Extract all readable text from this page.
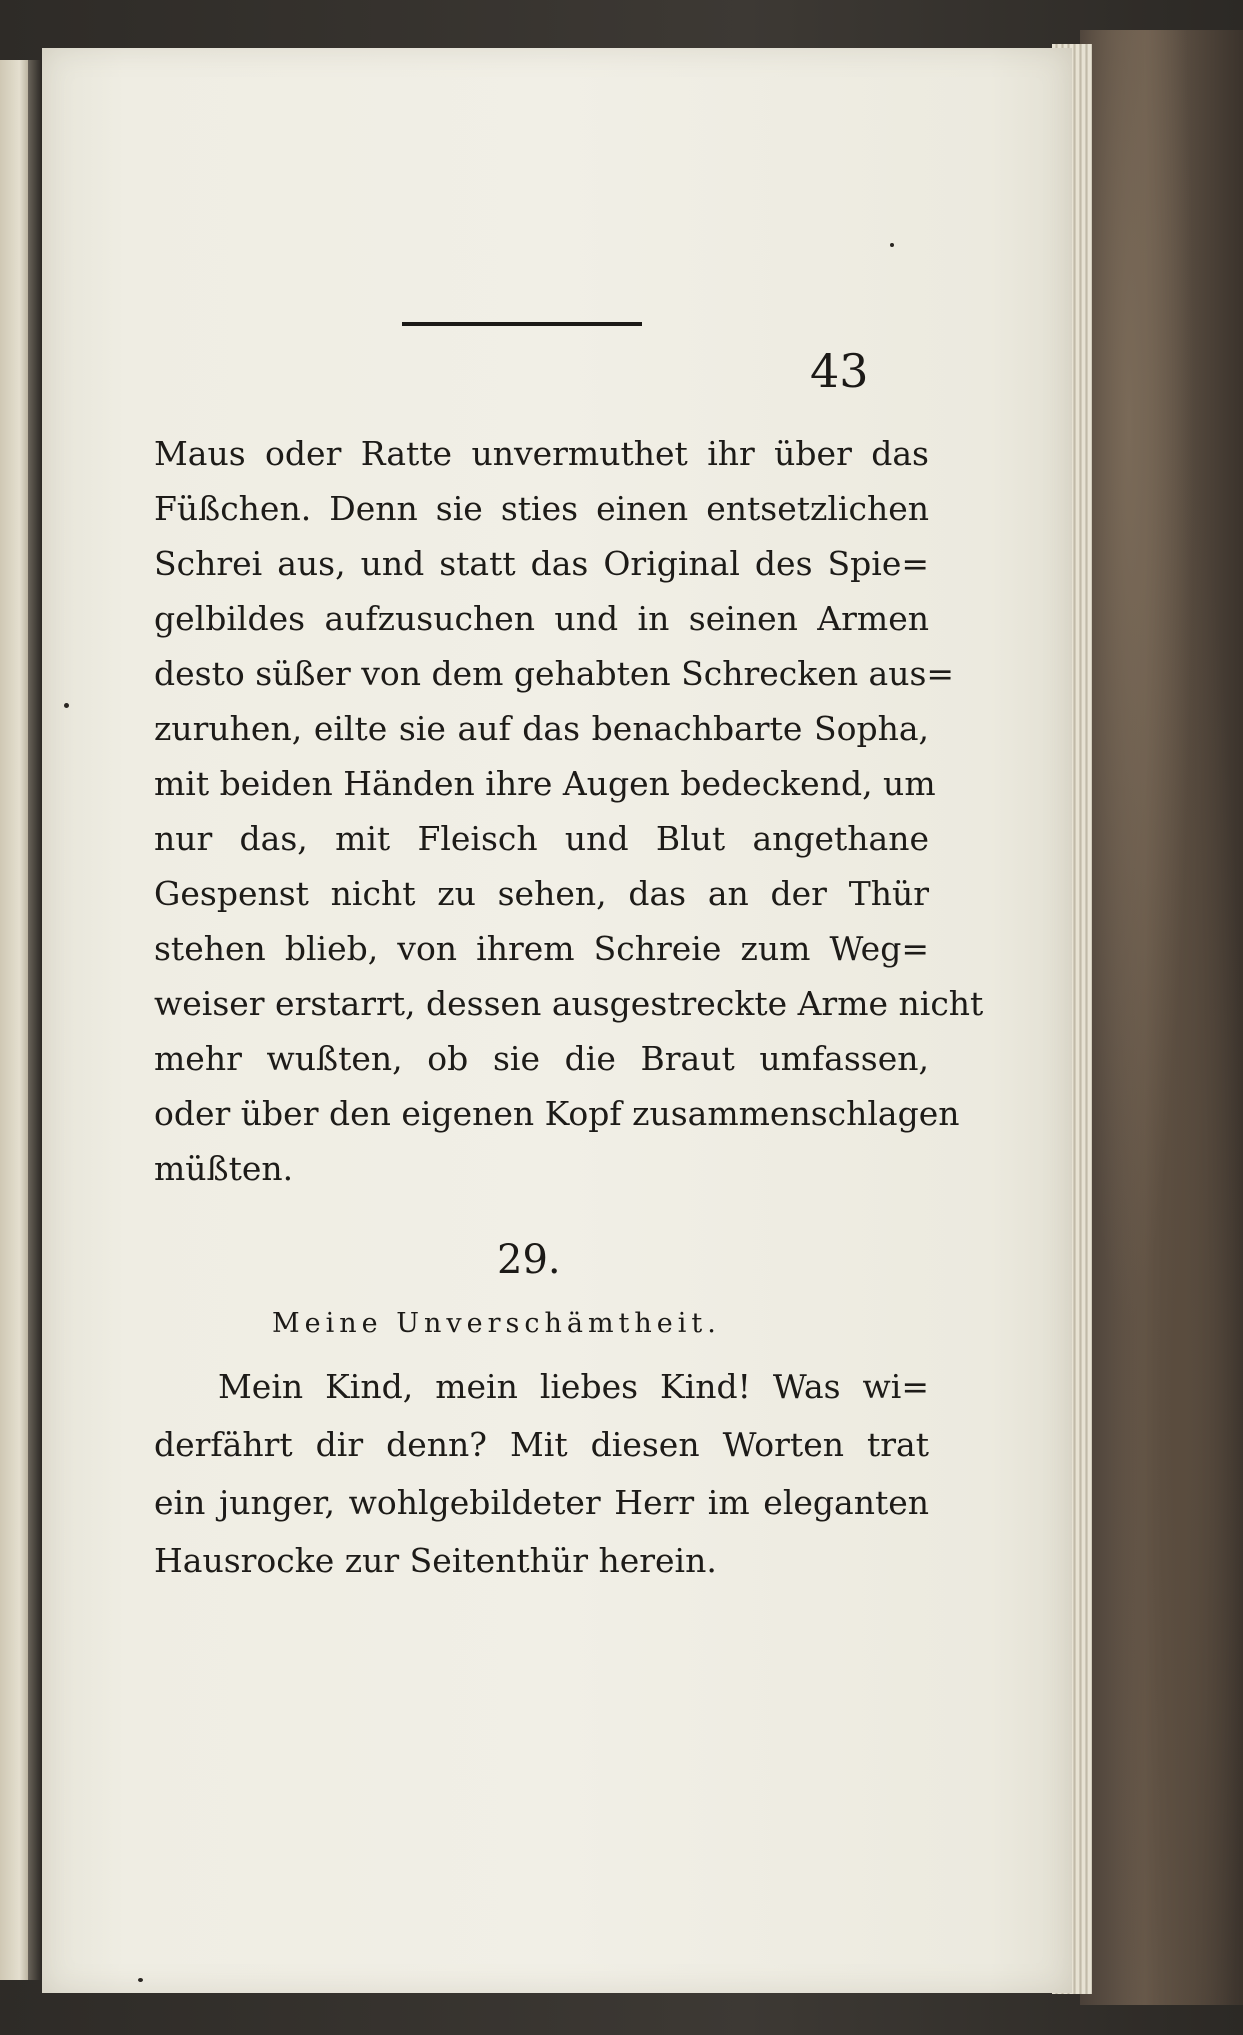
43
Maus oder Ratte unvermuthet ihr über das
Füßchen. Denn sie sties einen entsetzlichen
Schrei aus, und statt das Original des Spie=
gelbildes aufzusuchen und in seinen Armen
desto süßer von dem gehabten Schrecken aus=
zuruhen, eilte sie auf das benachbarte Sopha,
mit beiden Händen ihre Augen bedeckend, um
nur das, mit Fleisch und Blut angethane
Gespenst nicht zu sehen, das an der Thür
stehen blieb, von ihrem Schreie zum Weg=
weiser erstarrt, dessen ausgestreckte Arme nicht
mehr wußten, ob sie die Braut umfassen,
oder über den eigenen Kopf zusammenschlagen
müßten.
29.
Meine Unverschämtheit.
Mein Kind, mein liebes Kind! Was wi=
derfährt dir denn? Mit diesen Worten trat
ein junger, wohlgebildeter Herr im eleganten
Hausrocke zur Seitenthür herein.
